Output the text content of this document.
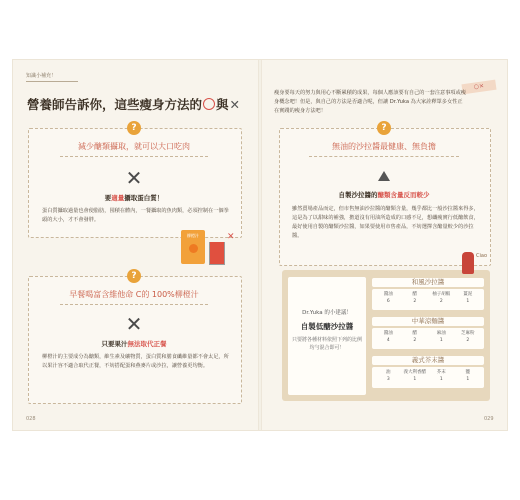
知識小補充！
營養師告訴你，這些瘦身方法的○與✕
?
減少醣類攝取，就可以大口吃肉
✕
要適量攝取蛋白質！
蛋白質攝取過量也會使脂肪，囤積在體內，一餐攝取的魚肉類，必須控制在一個拳頭的大小，才不會發胖。
柳橙汁	✕
?
早餐喝富含維他命 C的 100%柳橙汁
✕
只要果汁無法取代正餐
柳橙汁的主要成分為醣類，維生素及礦物質，蛋白質和膳食纖維量都不會太足，所以果汁容不適合取代正餐，不妨搭配蛋和燕麥片或沙拉，讓營養更均衡。
028
○×
瘦身要每天的努力與用心不斷累積的成果，每個人應該要有自己的一套注意事項或瘦身概念吧！但是，與自己的方法是否適合呢，但讓 Dr.Yuka 為大家詮釋眾多女性正在實踐的瘦身方法吧！
?
無油的沙拉醬最健康、無負擔
自製沙拉醬的醣類含量反而較少
雖然賣場產品而定，但市售無油沙拉醬的醣類含量，幾乎都比一般沙拉醬來得多，這是為了以甜味的補強，擔道沒有用油所造成的口感不足，想纖瘦實行低醣飲食，最好使用自製的醣類沙拉醬，如果要使用市售產品，不妨選擇含醣量較少的沙拉醬。
Dr.Yuka 的小建議！
自製低醣沙拉醬
只要將各種材料依照下列的比例均勻混合即可！
Ciao
和風沙拉醬
醬油	醋	柚子胡椒	薑泥
6	2	2	1
中華涼麵醬
醬油	醋	麻油	芝麻粉
4	2	1	2
義式芥末醬
油	義大利香醋	芥末	鹽
3	1	1	1
029
